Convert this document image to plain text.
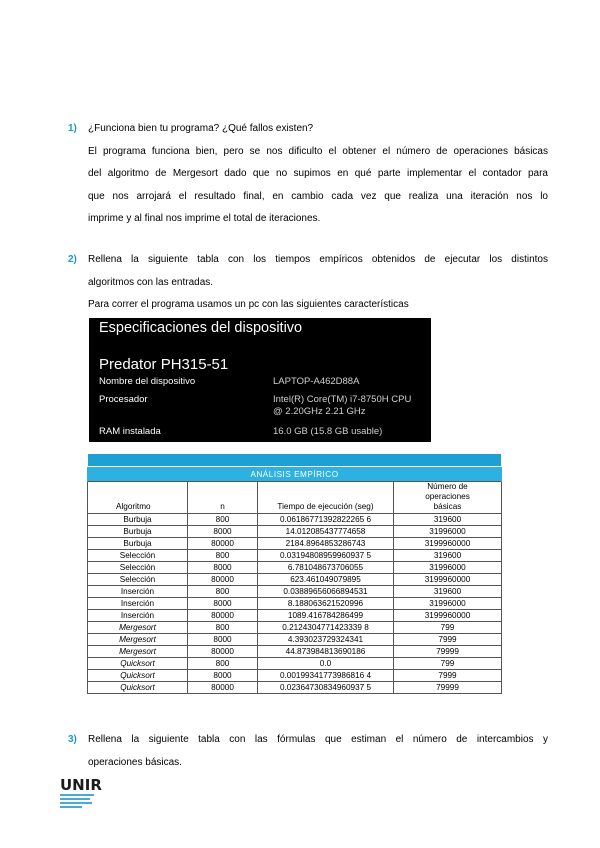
1) ¿Funciona bien tu programa? ¿Qué fallos existen?
El programa funciona bien, pero se nos dificulto el obtener el número de operaciones básicas
del algoritmo de Mergesort dado que no supimos en qué parte implementar el contador para
que nos arrojará el resultado final, en cambio cada vez que realiza una iteración nos lo
imprime y al final nos imprime el total de iteraciones.
2) Rellena la siguiente tabla con los tiempos empíricos obtenidos de ejecutar los distintos
algoritmos con las entradas.
Para correr el programa usamos un pc con las siguientes características
Especificaciones del dispositivo
Predator PH315-51
Nombre del dispositivo	LAPTOP-A462D88A
Procesador	Intel(R) Core(TM) i7-8750H CPU
@ 2.20GHz 2.21 GHz
RAM instalada	16.0 GB (15.8 GB usable)

ANÁLISIS EMPÍRICO			
Algoritmo	n	Tiempo de ejecución (seg)	Número de
operaciones
básicas

Burbuja	800	0.06186771392822265 6	319600
Burbuja	8000	14.012085437774658	31996000
Burbuja	80000	2184.8964853286743	3199960000
Selección	800	0.03194808959960937 5	319600
Selección	8000	6.781048673706055	31996000
Selección	80000	623.461049079895	3199960000
Inserción	800	0.03889656066894531	319600
Inserción	8000	8.188063621520996	31996000
Inserción	80000	1089.416784286499	3199960000
Mergesort	800	0.2124304771423339 8	799
Mergesort	8000	4.393023729324341	7999
Mergesort	80000	44.873984813690186	79999
Quicksort	800	0.0	799
Quicksort	8000	0.00199341773986816 4	7999
Quicksort	80000	0.02364730834960937 5	79999
3) Rellena la siguiente tabla con las fórmulas que estiman el número de intercambios y
operaciones básicas.
UNIR
